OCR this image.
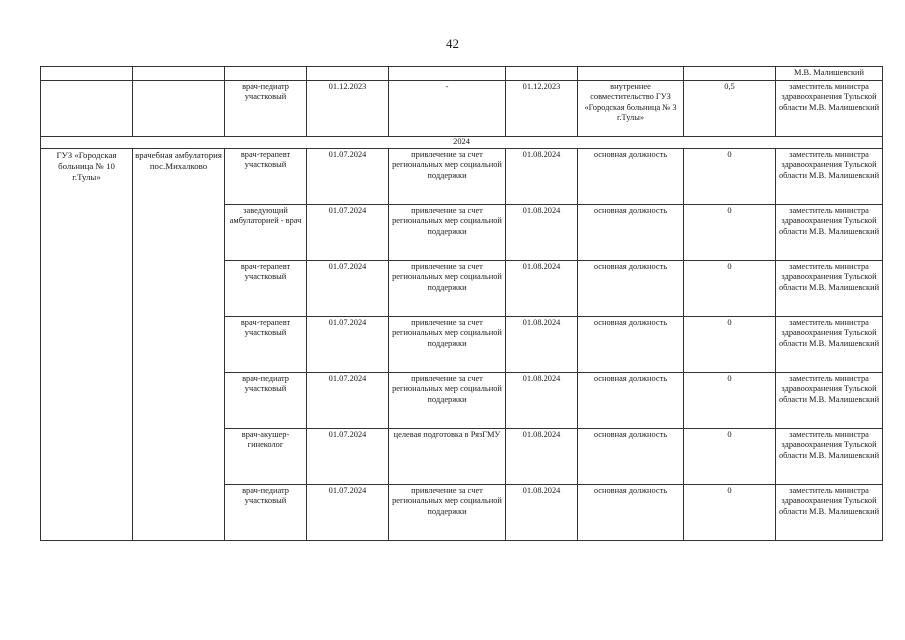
42
								М.В. Малишевский
		врач-педиатр участковый	01.12.2023	-	01.12.2023	внутреннее совместительство ГУЗ «Городская больница № 3 г.Тулы»	0,5	заместитель министра здравоохранения Тульской области М.В. Малишевский
2024								
ГУЗ «Городская больница № 10 г.Тулы»	врачебная амбулатория пос.Михалково	врач-терапевт участковый	01.07.2024	привлечение за счет региональных мер социальной поддержки	01.08.2024	основная должность	0	заместитель министра здравоохранения Тульской области М.В. Малишевский
		заведующий амбулаторией - врач	01.07.2024	привлечение за счет региональных мер социальной поддержки	01.08.2024	основная должность	0	заместитель министра здравоохранения Тульской области М.В. Малишевский
		врач-терапевт участковый	01.07.2024	привлечение за счет региональных мер социальной поддержки	01.08.2024	основная должность	0	заместитель министра здравоохранения Тульской области М.В. Малишевский
		врач-терапевт участковый	01.07.2024	привлечение за счет региональных мер социальной поддержки	01.08.2024	основная должность	0	заместитель министра здравоохранения Тульской области М.В. Малишевский
		врач-педиатр участковый	01.07.2024	привлечение за счет региональных мер социальной поддержки	01.08.2024	основная должность	0	заместитель министра здравоохранения Тульской области М.В. Малишевский
		врач-акушер-гинеколог	01.07.2024	целевая подготовка в РязГМУ	01.08.2024	основная должность	0	заместитель министра здравоохранения Тульской области М.В. Малишевский
		врач-педиатр участковый	01.07.2024	привлечение за счет региональных мер социальной поддержки	01.08.2024	основная должность	0	заместитель министра здравоохранения Тульской области М.В. Малишевский
